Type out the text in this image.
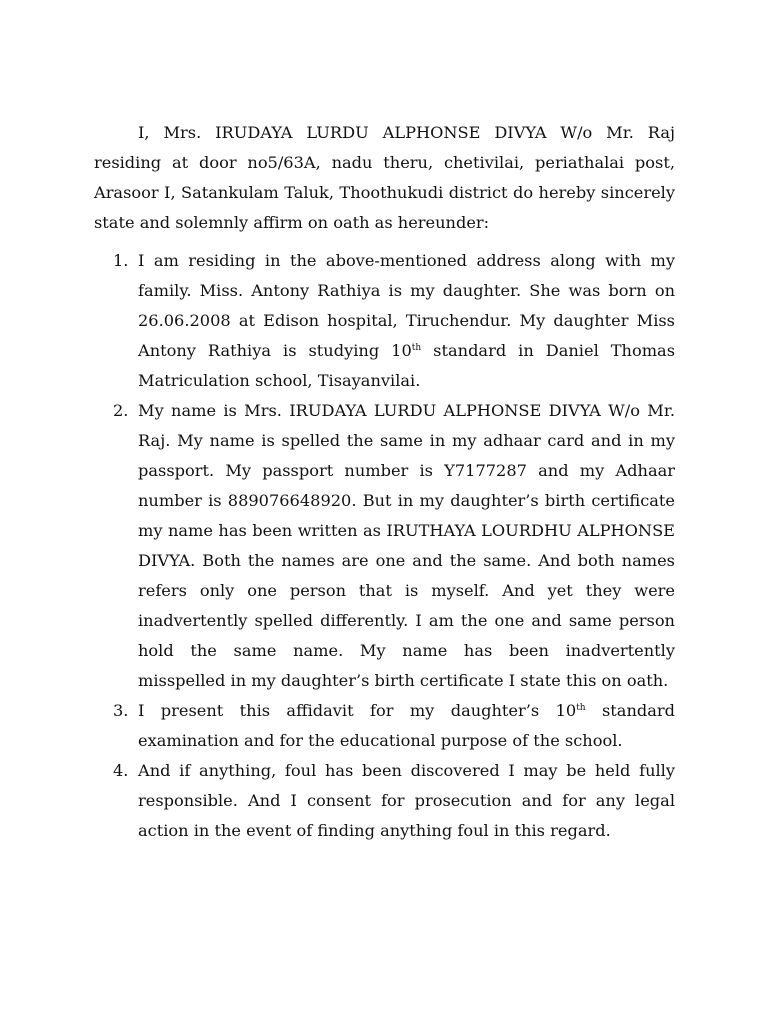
I, Mrs. IRUDAYA LURDU ALPHONSE DIVYA W/o Mr. Raj residing at door no5/63A, nadu theru, chetivilai, periathalai post, Arasoor I, Satankulam Taluk, Thoothukudi district do hereby sincerely state and solemnly affirm on oath as hereunder:

1. I am residing in the above-mentioned address along with my family. Miss. Antony Rathiya is my daughter. She was born on 26.06.2008 at Edison hospital, Tiruchendur. My daughter Miss Antony Rathiya is studying 10th standard in Daniel Thomas Matriculation school, Tisayanvilai.
2. My name is Mrs. IRUDAYA LURDU ALPHONSE DIVYA W/o Mr. Raj. My name is spelled the same in my adhaar card and in my passport. My passport number is Y7177287 and my Adhaar number is 889076648920. But in my daughter’s birth certificate my name has been written as IRUTHAYA LOURDHU ALPHONSE DIVYA. Both the names are one and the same. And both names refers only one person that is myself. And yet they were inadvertently spelled differently. I am the one and same person hold the same name. My name has been inadvertently misspelled in my daughter’s birth certificate I state this on oath.
3. I present this affidavit for my daughter’s 10th standard examination and for the educational purpose of the school.
4. And if anything, foul has been discovered I may be held fully responsible. And I consent for prosecution and for any legal action in the event of finding anything foul in this regard.
